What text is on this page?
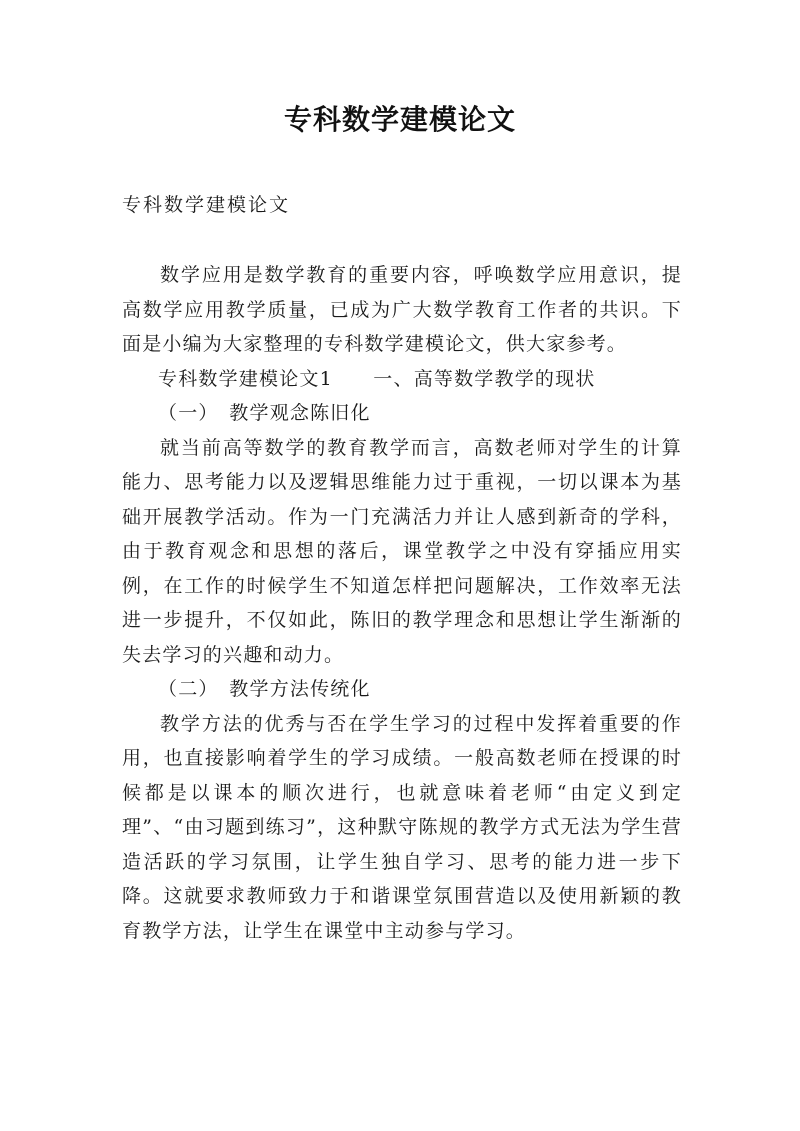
专科数学建模论文
专科数学建模论文

数学应用是数学教育的重要内容，呼唤数学应用意识，提高数学应用教学质量，已成为广大数学教育工作者的共识。下面是小编为大家整理的专科数学建模论文，供大家参考。

专科数学建模论文1　　一、高等数学教学的现状

（一）　教学观念陈旧化

就当前高等数学的教育教学而言，高数老师对学生的计算能力、思考能力以及逻辑思维能力过于重视，一切以课本为基础开展教学活动。作为一门充满活力并让人感到新奇的学科，由于教育观念和思想的落后，课堂教学之中没有穿插应用实例，在工作的时候学生不知道怎样把问题解决，工作效率无法进一步提升，不仅如此，陈旧的教学理念和思想让学生渐渐的失去学习的兴趣和动力。

（二）　教学方法传统化

教学方法的优秀与否在学生学习的过程中发挥着重要的作用，也直接影响着学生的学习成绩。一般高数老师在授课的时候都是以课本的顺次进行，也就意味着老师“由定义到定理”、“由习题到练习”，这种默守陈规的教学方式无法为学生营造活跃的学习氛围，让学生独自学习、思考的能力进一步下降。这就要求教师致力于和谐课堂氛围营造以及使用新颖的教育教学方法，让学生在课堂中主动参与学习。
